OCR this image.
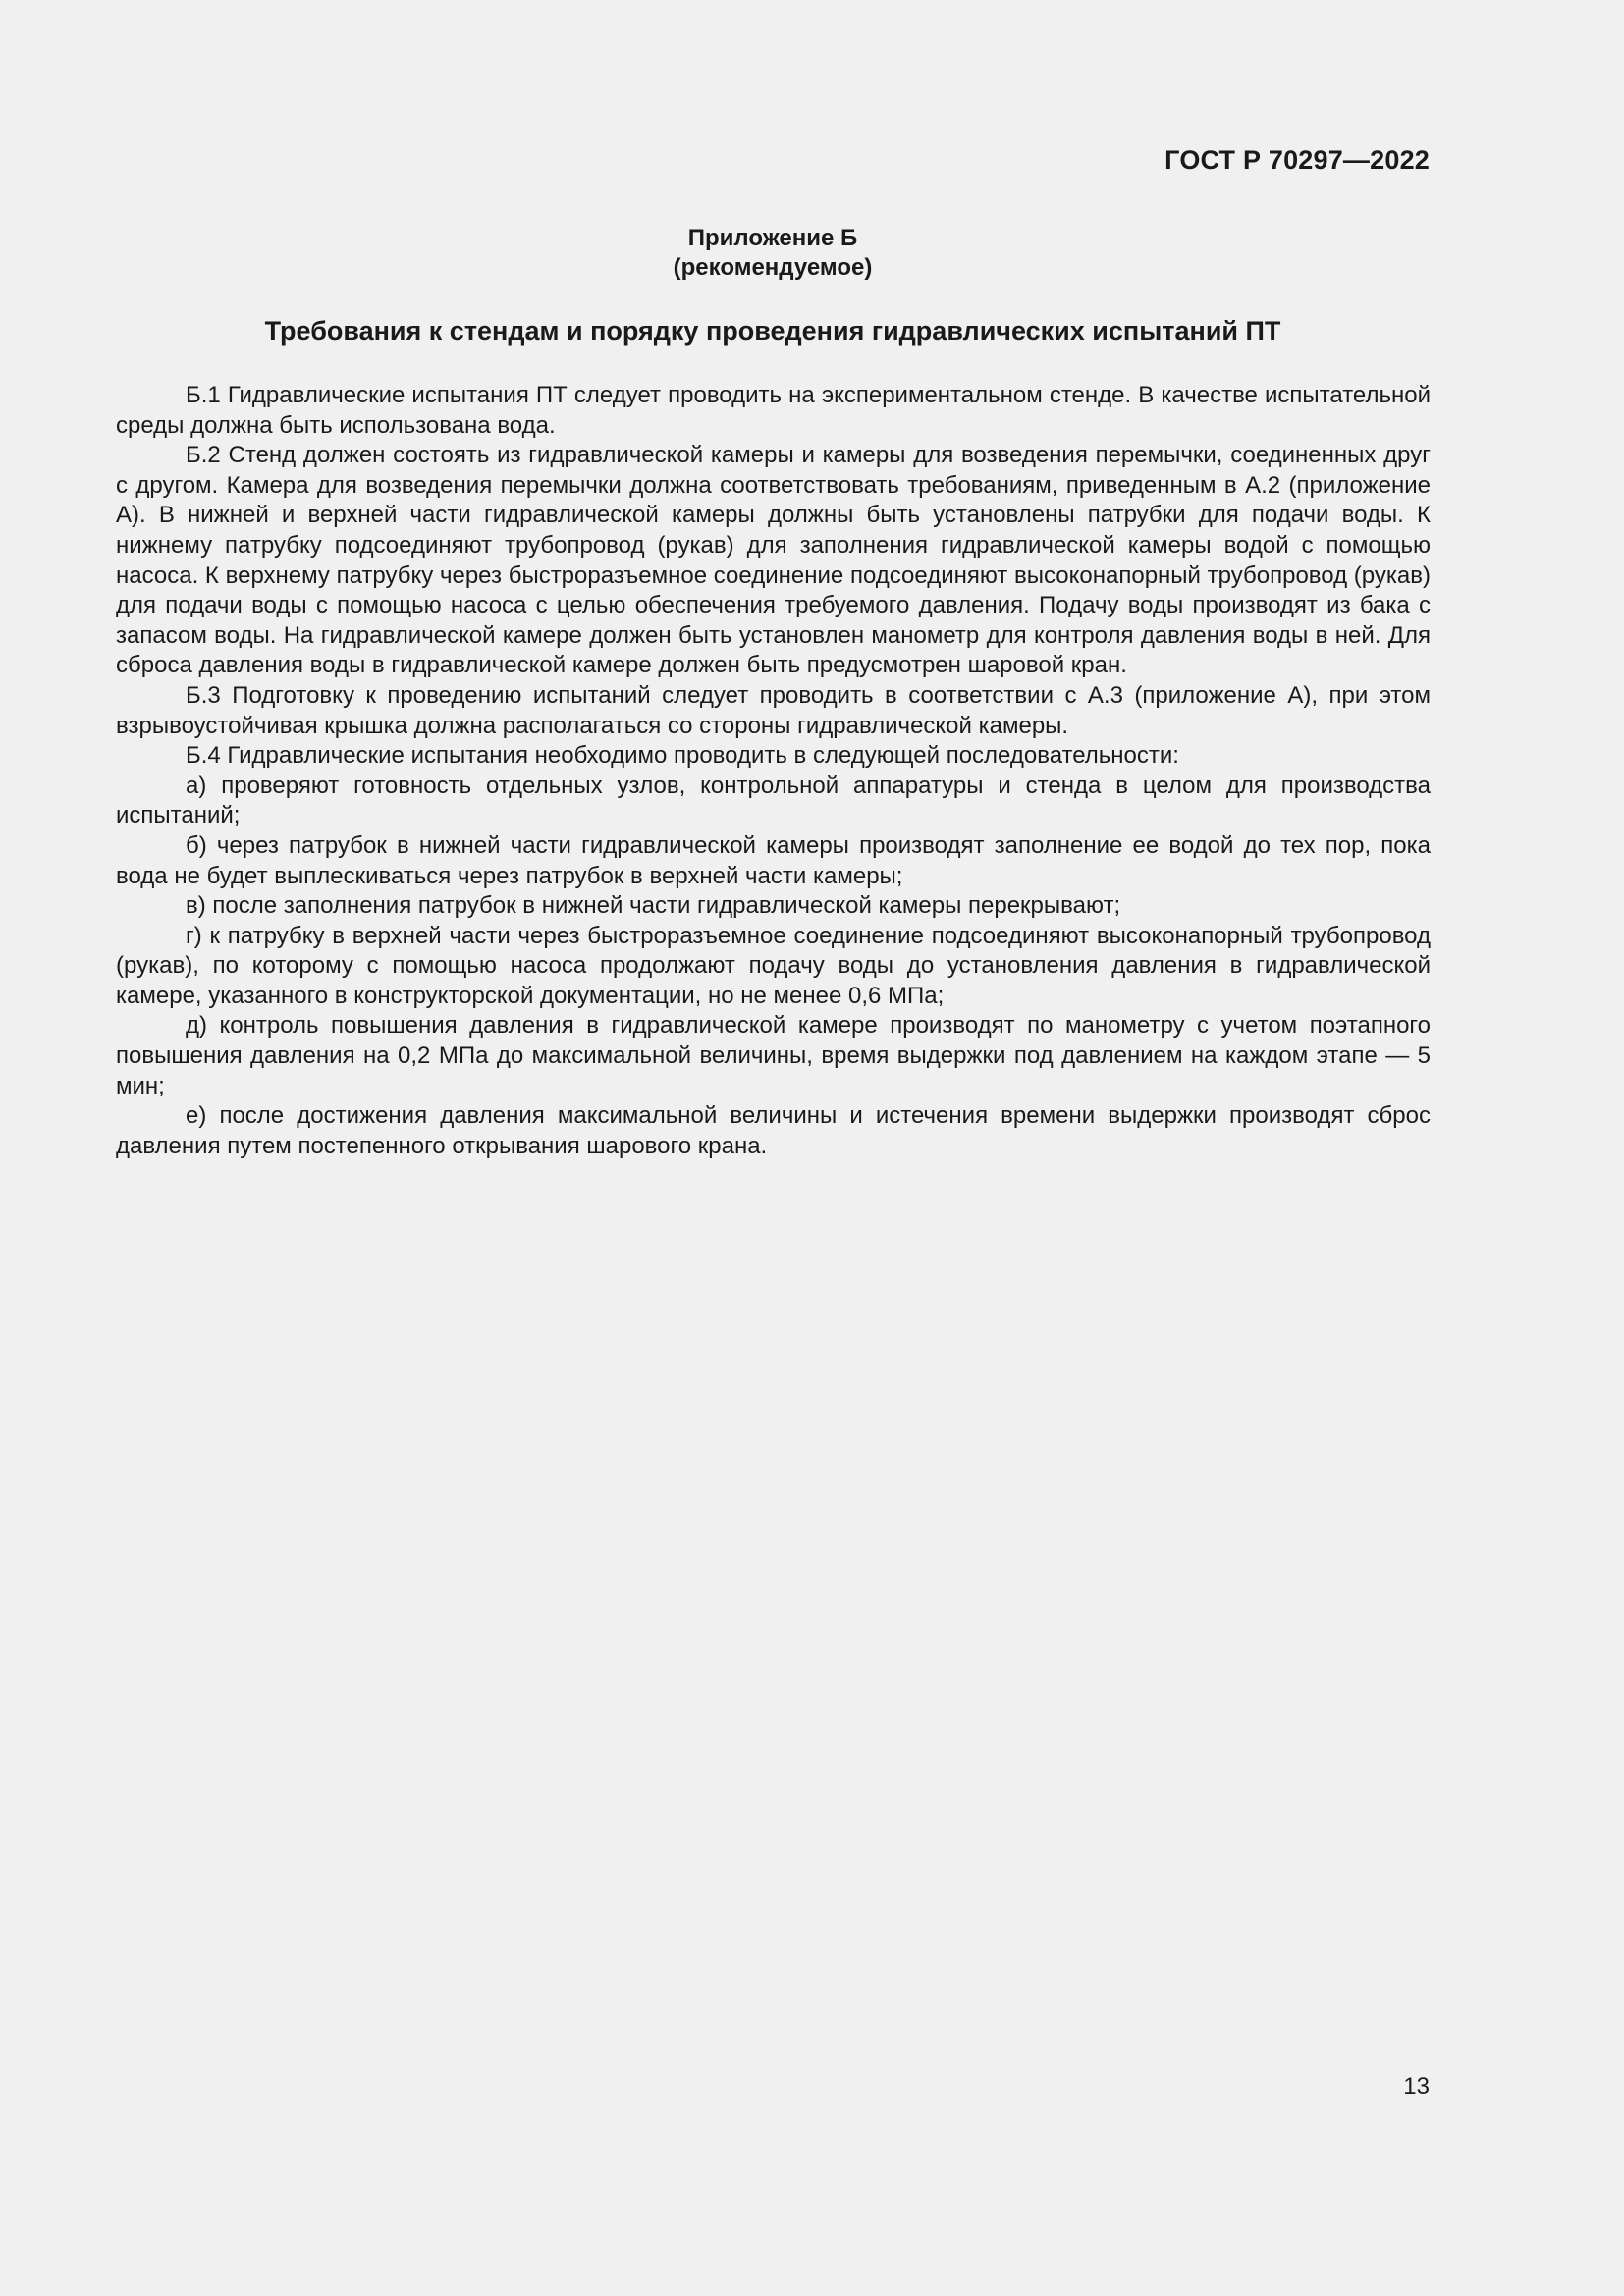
ГОСТ Р 70297—2022
Приложение Б
(рекомендуемое)
Требования к стендам и порядку проведения гидравлических испытаний ПТ

Б.1 Гидравлические испытания ПТ следует проводить на экспериментальном стенде. В качестве испытательной среды должна быть использована вода.

Б.2 Стенд должен состоять из гидравлической камеры и камеры для возведения перемычки, соединенных друг с другом. Камера для возведения перемычки должна соответствовать требованиям, приведенным в А.2 (приложение А). В нижней и верхней части гидравлической камеры должны быть установлены патрубки для подачи воды. К нижнему патрубку подсоединяют трубопровод (рукав) для заполнения гидравлической камеры водой с помощью насоса. К верхнему патрубку через быстроразъемное соединение подсоединяют высоконапорный трубопровод (рукав) для подачи воды с помощью насоса с целью обеспечения требуемого давления. Подачу воды производят из бака с запасом воды. На гидравлической камере должен быть установлен манометр для контроля давления воды в ней. Для сброса давления воды в гидравлической камере должен быть предусмотрен шаровой кран.

Б.3 Подготовку к проведению испытаний следует проводить в соответствии с А.3 (приложение А), при этом взрывоустойчивая крышка должна располагаться со стороны гидравлической камеры.

Б.4 Гидравлические испытания необходимо проводить в следующей последовательности:

а) проверяют готовность отдельных узлов, контрольной аппаратуры и стенда в целом для производства испытаний;

б) через патрубок в нижней части гидравлической камеры производят заполнение ее водой до тех пор, пока вода не будет выплескиваться через патрубок в верхней части камеры;

в) после заполнения патрубок в нижней части гидравлической камеры перекрывают;

г) к патрубку в верхней части через быстроразъемное соединение подсоединяют высоконапорный трубопровод (рукав), по которому с помощью насоса продолжают подачу воды до установления давления в гидравлической камере, указанного в конструкторской документации, но не менее 0,6 МПа;

д) контроль повышения давления в гидравлической камере производят по манометру с учетом поэтапного повышения давления на 0,2 МПа до максимальной величины, время выдержки под давлением на каждом этапе — 5 мин;

е) после достижения давления максимальной величины и истечения времени выдержки производят сброс давления путем постепенного открывания шарового крана.

13
